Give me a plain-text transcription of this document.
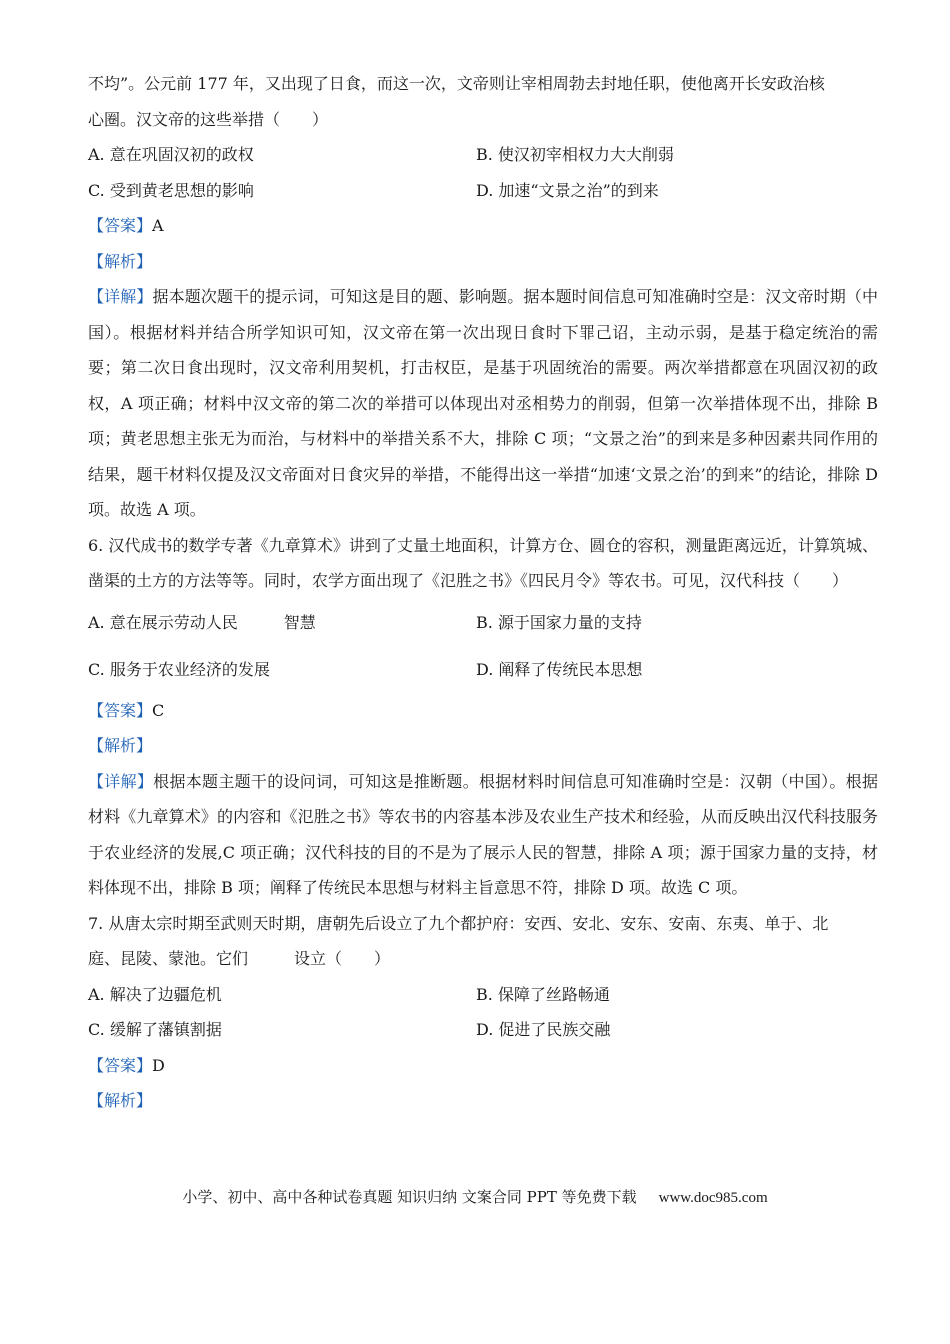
不均”。公元前 177 年，又出现了日食，而这一次，文帝则让宰相周勃去封地任职，使他离开长安政治核
心圈。汉文帝的这些举措（　　）
A. 意在巩固汉初的政权	B. 使汉初宰相权力大大削弱
C. 受到黄老思想的影响	D. 加速“文景之治”的到来
【答案】A
【解析】
【详解】据本题次题干的提示词，可知这是目的题、影响题。据本题时间信息可知准确时空是：汉文帝时期（中国）。根据材料并结合所学知识可知，汉文帝在第一次出现日食时下罪己诏，主动示弱，是基于稳定统治的需要；第二次日食出现时，汉文帝利用契机，打击权臣，是基于巩固统治的需要。两次举措都意在巩固汉初的政权，A 项正确；材料中汉文帝的第二次的举措可以体现出对丞相势力的削弱，但第一次举措体现不出，排除 B 项；黄老思想主张无为而治，与材料中的举措关系不大，排除 C 项；“文景之治”的到来是多种因素共同作用的结果，题干材料仅提及汉文帝面对日食灾异的举措，不能得出这一举措“加速‘文景之治’的到来”的结论，排除 D 项。故选 A 项。
6. 汉代成书的数学专著《九章算术》讲到了丈量土地面积，计算方仓、圆仓的容积，测量距离远近，计算筑城、凿渠的土方的方法等等。同时，农学方面出现了《氾胜之书》《四民月令》等农书。可见，汉代科技（　　）
A. 意在展示劳动人民	智慧	B. 源于国家力量的支持
C. 服务于农业经济的发展	D. 阐释了传统民本思想
【答案】C
【解析】
【详解】根据本题主题干的设问词，可知这是推断题。根据材料时间信息可知准确时空是：汉朝（中国）。根据材料《九章算术》的内容和《氾胜之书》等农书的内容基本涉及农业生产技术和经验，从而反映出汉代科技服务于农业经济的发展,C 项正确；汉代科技的目的不是为了展示人民的智慧，排除 A 项；源于国家力量的支持，材料体现不出，排除 B 项；阐释了传统民本思想与材料主旨意思不符，排除 D 项。故选 C 项。
7. 从唐太宗时期至武则天时期，唐朝先后设立了九个都护府：安西、安北、安东、安南、东夷、单于、北
庭、昆陵、蒙池。它们	设立（　　）
A. 解决了边疆危机	B. 保障了丝路畅通
C. 缓解了藩镇割据	D. 促进了民族交融
【答案】D
【解析】
小学、初中、高中各种试卷真题 知识归纳 文案合同 PPT 等免费下载 www.doc985.com
